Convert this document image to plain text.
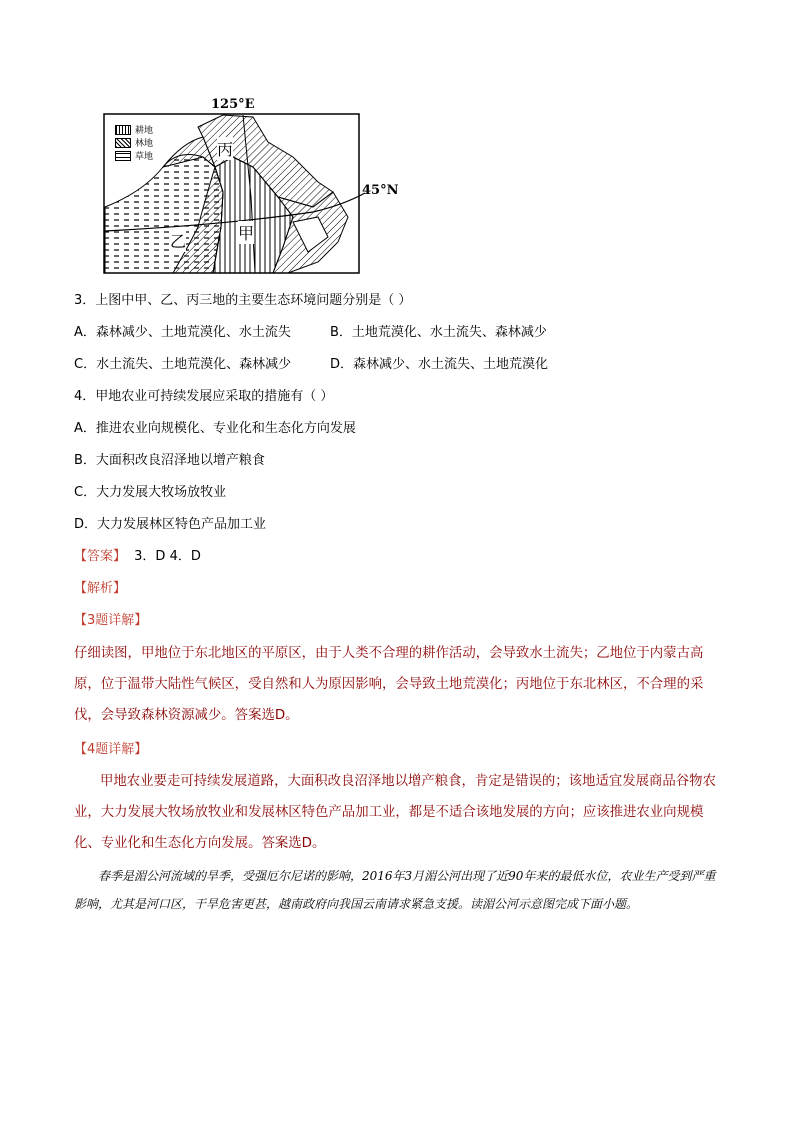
125°E
45°N
丙
乙	甲
耕地
林地
草地
3．上图中甲、乙、丙三地的主要生态环境问题分别是（ ）
A．森林减少、土地荒漠化、水土流失	B．土地荒漠化、水土流失、森林减少
C．水土流失、土地荒漠化、森林减少	D．森林减少、水土流失、土地荒漠化
4．甲地农业可持续发展应采取的措施有（ ）
A．推进农业向规模化、专业化和生态化方向发展
B．大面积改良沼泽地以增产粮食
C．大力发展大牧场放牧业
D．大力发展林区特色产品加工业
【答案】 3．D 4．D
【解析】
【3题详解】
仔细读图，甲地位于东北地区的平原区，由于人类不合理的耕作活动，会导致水土流失；乙地位于内蒙古高原，位于温带大陆性气候区，受自然和人为原因影响，会导致土地荒漠化；丙地位于东北林区，不合理的采伐，会导致森林资源减少。答案选D。
【4题详解】
甲地农业要走可持续发展道路，大面积改良沼泽地以增产粮食，肯定是错误的；该地适宜发展商品谷物农业，大力发展大牧场放牧业和发展林区特色产品加工业，都是不适合该地发展的方向；应该推进农业向规模化、专业化和生态化方向发展。答案选D。
春季是湄公河流域的旱季，受强厄尔尼诺的影响，2016年3月湄公河出现了近90年来的最低水位，农业生产受到严重影响，尤其是河口区，干旱危害更甚，越南政府向我国云南请求紧急支援。读湄公河示意图完成下面小题。
